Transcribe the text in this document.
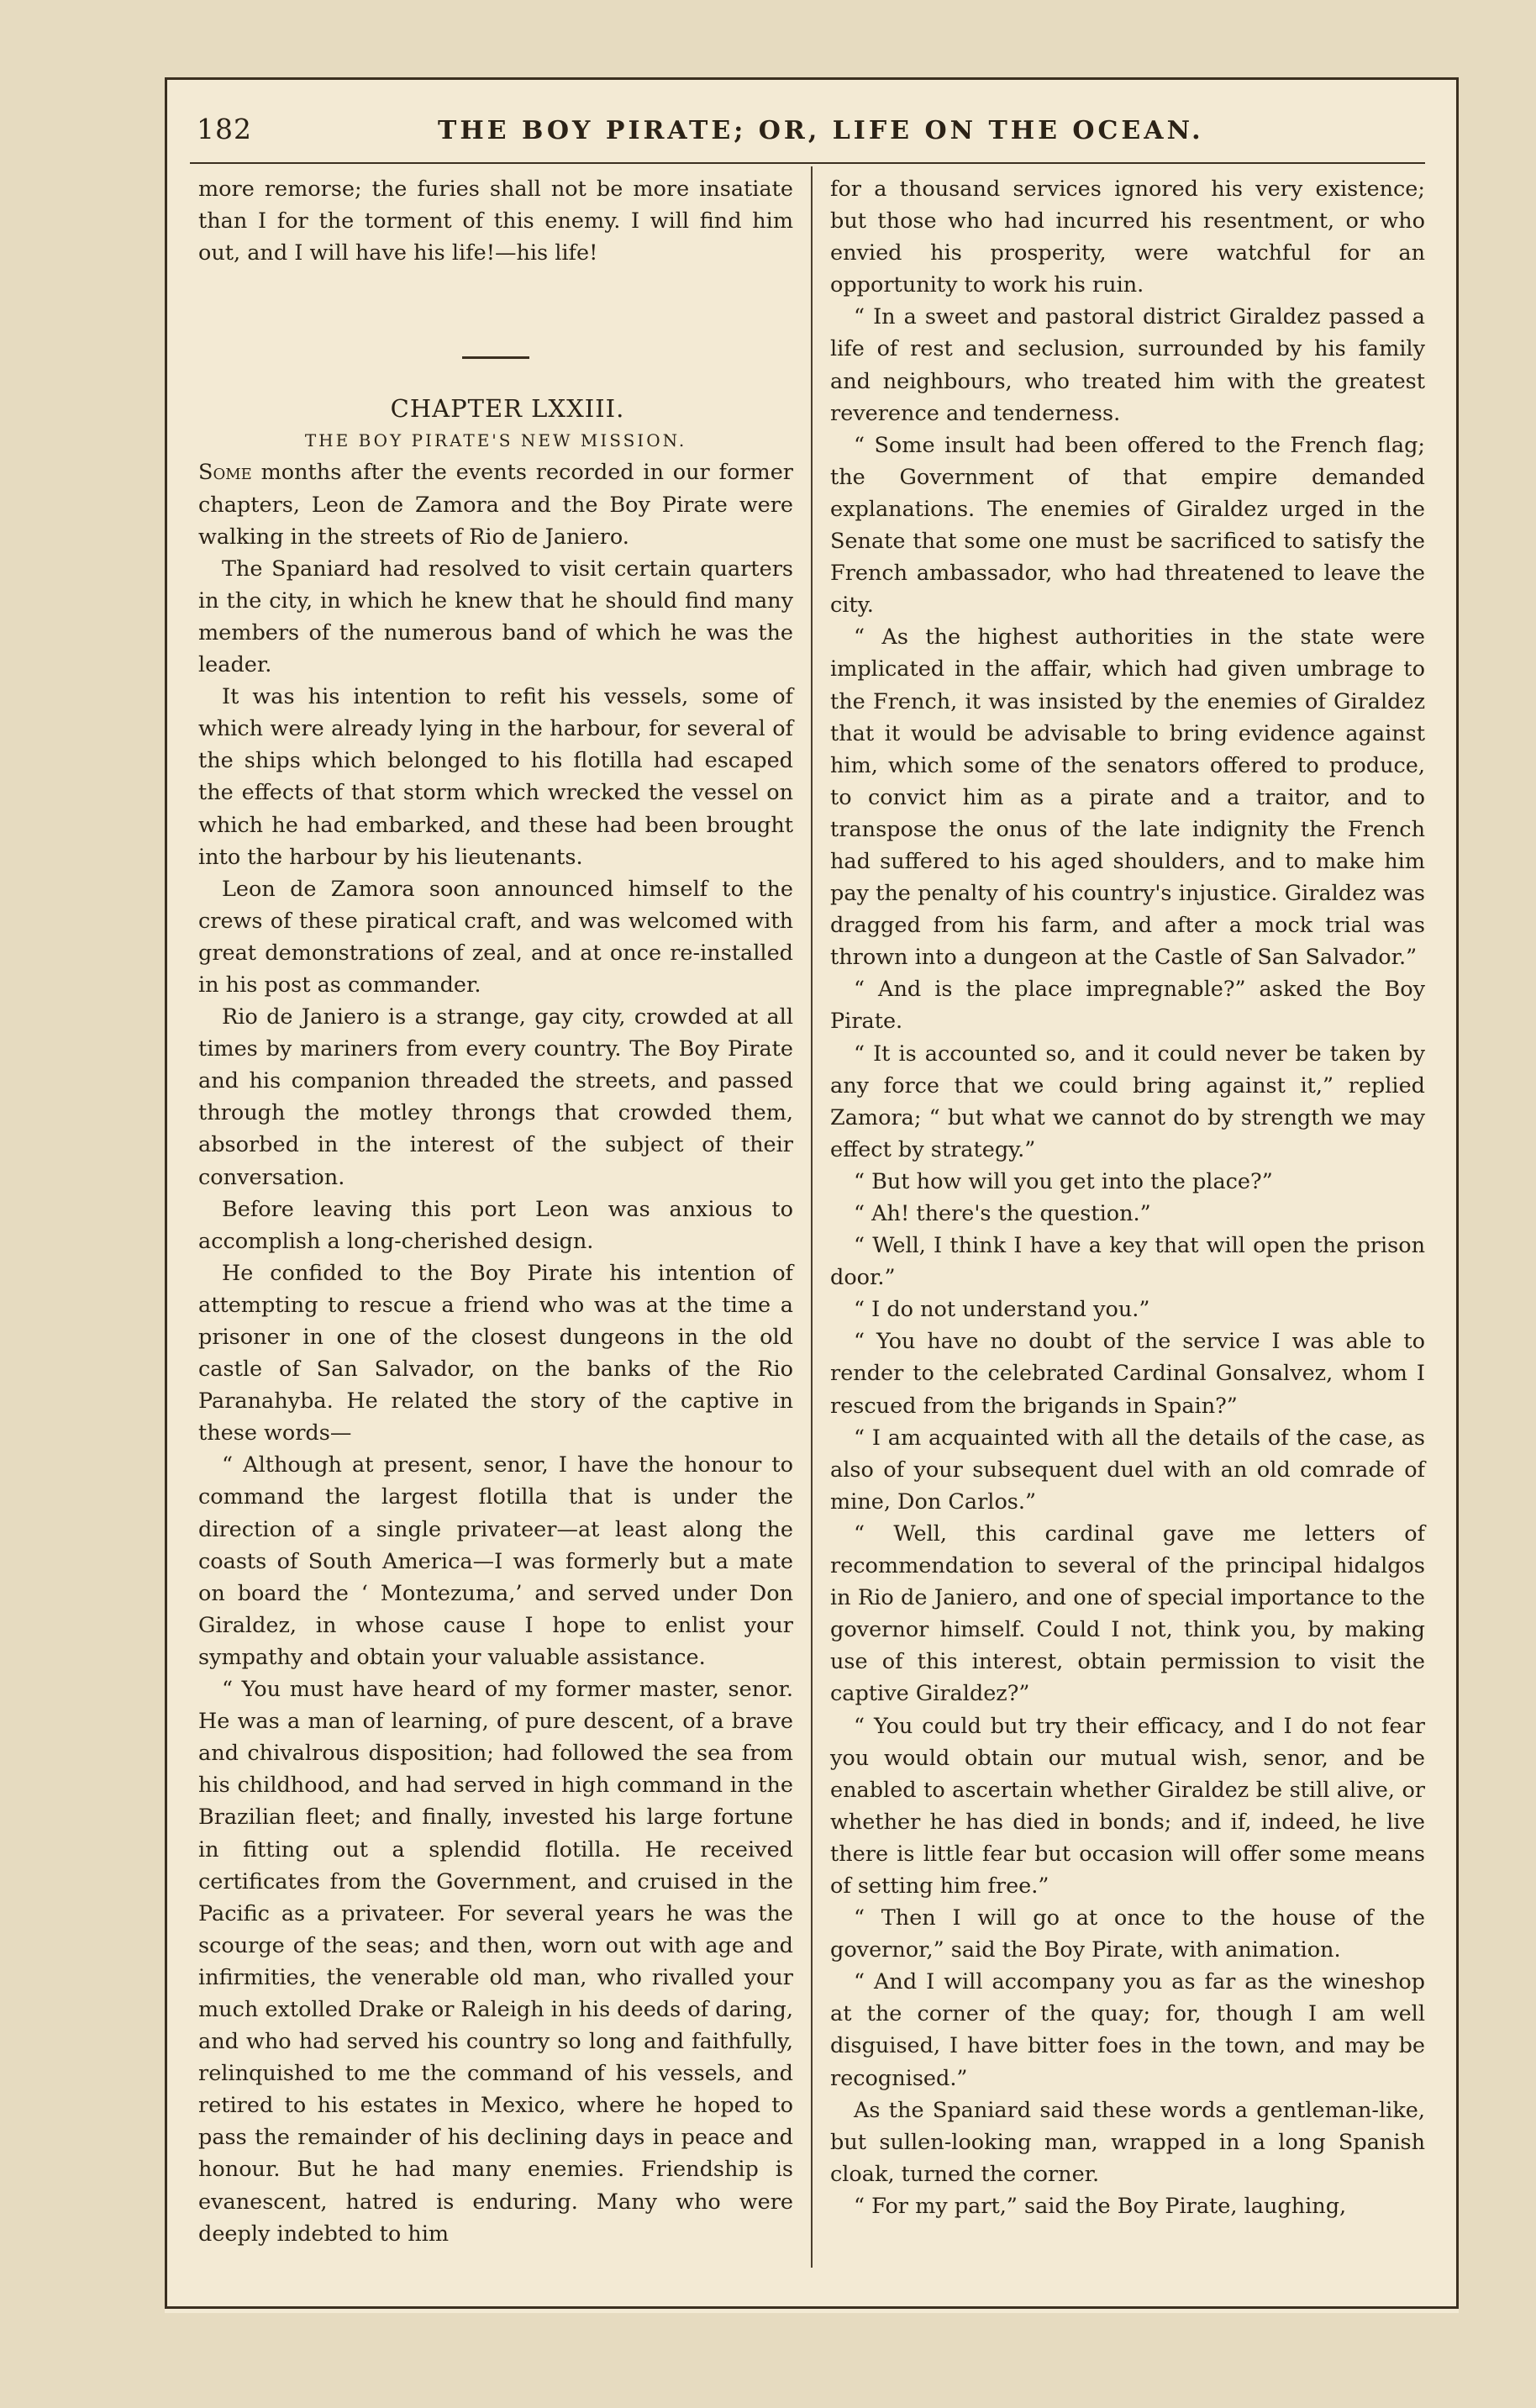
182	THE BOY PIRATE; OR, LIFE ON THE OCEAN.

more remorse; the furies shall not be more insatiate than I for the torment of this enemy. I will find him out, and I will have his life!—his life!

CHAPTER LXXIII.

THE BOY PIRATE'S NEW MISSION.

Some months after the events recorded in our former chapters, Leon de Zamora and the Boy Pirate were walking in the streets of Rio de Janiero.

The Spaniard had resolved to visit certain quarters in the city, in which he knew that he should find many members of the numerous band of which he was the leader.

It was his intention to refit his vessels, some of which were already lying in the harbour, for several of the ships which belonged to his flotilla had escaped the effects of that storm which wrecked the vessel on which he had embarked, and these had been brought into the harbour by his lieutenants.

Leon de Zamora soon announced himself to the crews of these piratical craft, and was welcomed with great demonstrations of zeal, and at once re-installed in his post as commander.

Rio de Janiero is a strange, gay city, crowded at all times by mariners from every country. The Boy Pirate and his companion threaded the streets, and passed through the motley throngs that crowded them, absorbed in the interest of the subject of their conversation.

Before leaving this port Leon was anxious to accomplish a long-cherished design.

He confided to the Boy Pirate his intention of attempting to rescue a friend who was at the time a prisoner in one of the closest dungeons in the old castle of San Salvador, on the banks of the Rio Paranahyba. He related the story of the captive in these words—

“ Although at present, senor, I have the honour to command the largest flotilla that is under the direction of a single privateer—at least along the coasts of South America—I was formerly but a mate on board the ‘ Montezuma,’ and served under Don Giraldez, in whose cause I hope to enlist your sympathy and obtain your valuable assistance.

“ You must have heard of my former master, senor. He was a man of learning, of pure descent, of a brave and chivalrous disposition; had followed the sea from his childhood, and had served in high command in the Brazilian fleet; and finally, invested his large fortune in fitting out a splendid flotilla. He received certificates from the Government, and cruised in the Pacific as a privateer. For several years he was the scourge of the seas; and then, worn out with age and infirmities, the venerable old man, who rivalled your much extolled Drake or Raleigh in his deeds of daring, and who had served his country so long and faithfully, relinquished to me the command of his vessels, and retired to his estates in Mexico, where he hoped to pass the remainder of his declining days in peace and honour. But he had many enemies. Friendship is evanescent, hatred is enduring. Many who were deeply indebted to him

for a thousand services ignored his very existence; but those who had incurred his resentment, or who envied his prosperity, were watchful for an opportunity to work his ruin.

“ In a sweet and pastoral district Giraldez passed a life of rest and seclusion, surrounded by his family and neighbours, who treated him with the greatest reverence and tenderness.

“ Some insult had been offered to the French flag; the Government of that empire demanded explanations. The enemies of Giraldez urged in the Senate that some one must be sacrificed to satisfy the French ambassador, who had threatened to leave the city.

“ As the highest authorities in the state were implicated in the affair, which had given umbrage to the French, it was insisted by the enemies of Giraldez that it would be advisable to bring evidence against him, which some of the senators offered to produce, to convict him as a pirate and a traitor, and to transpose the onus of the late indignity the French had suffered to his aged shoulders, and to make him pay the penalty of his country's injustice. Giraldez was dragged from his farm, and after a mock trial was thrown into a dungeon at the Castle of San Salvador.”

“ And is the place impregnable?” asked the Boy Pirate.

“ It is accounted so, and it could never be taken by any force that we could bring against it,” replied Zamora; “ but what we cannot do by strength we may effect by strategy.”

“ But how will you get into the place?”

“ Ah! there's the question.”

“ Well, I think I have a key that will open the prison door.”

“ I do not understand you.”

“ You have no doubt of the service I was able to render to the celebrated Cardinal Gonsalvez, whom I rescued from the brigands in Spain?”

“ I am acquainted with all the details of the case, as also of your subsequent duel with an old comrade of mine, Don Carlos.”

“ Well, this cardinal gave me letters of recommendation to several of the principal hidalgos in Rio de Janiero, and one of special importance to the governor himself. Could I not, think you, by making use of this interest, obtain permission to visit the captive Giraldez?”

“ You could but try their efficacy, and I do not fear you would obtain our mutual wish, senor, and be enabled to ascertain whether Giraldez be still alive, or whether he has died in bonds; and if, indeed, he live there is little fear but occasion will offer some means of setting him free.”

“ Then I will go at once to the house of the governor,” said the Boy Pirate, with animation.

“ And I will accompany you as far as the wineshop at the corner of the quay; for, though I am well disguised, I have bitter foes in the town, and may be recognised.”

As the Spaniard said these words a gentleman-like, but sullen-looking man, wrapped in a long Spanish cloak, turned the corner.

“ For my part,” said the Boy Pirate, laughing,
